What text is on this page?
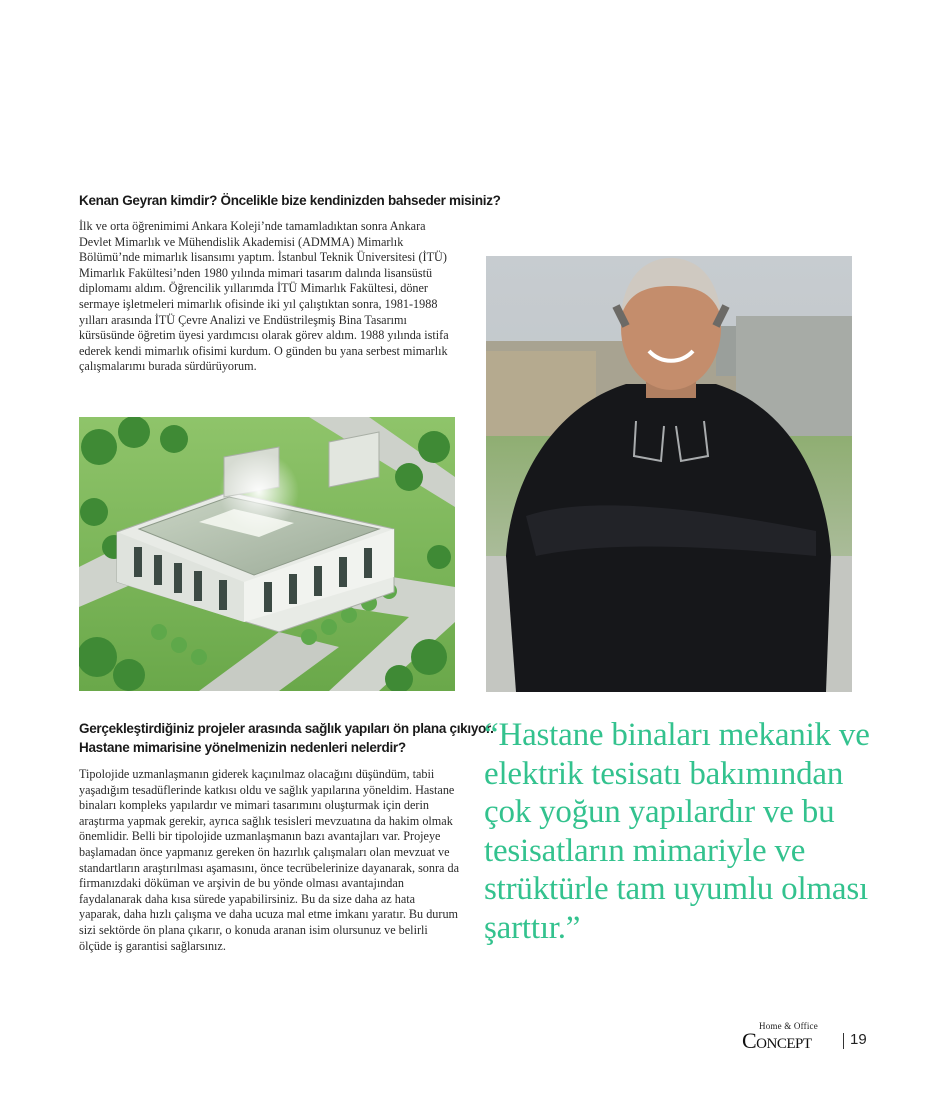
Kenan Geyran kimdir? Öncelikle bize kendinizden bahseder misiniz?

İlk ve orta öğrenimimi Ankara Koleji’nde tamamladıktan sonra Ankara Devlet Mimarlık ve Mühendislik Akademisi (ADMMA) Mimarlık Bölümü’nde mimarlık lisansımı yaptım. İstanbul Teknik Üniversitesi (İTÜ) Mimarlık Fakültesi’nden 1980 yılında mimari tasarım dalında lisansüstü diplomamı aldım. Öğrencilik yıllarımda İTÜ Mimarlık Fakültesi, döner sermaye işletmeleri mimarlık ofisinde iki yıl çalıştıktan sonra, 1981-1988 yılları arasında İTÜ Çevre Analizi ve Endüstrileşmiş Bina Tasarımı kürsüsünde öğretim üyesi yardımcısı olarak görev aldım. 1988 yılında istifa ederek kendi mimarlık ofisimi kurdum. O günden bu yana serbest mimarlık çalışmalarımı burada sürdürüyorum.

Gerçekleştirdiğiniz projeler arasında sağlık yapıları ön plana çıkıyor.
Hastane mimarisine yönelmenizin nedenleri nelerdir?

Tipolojide uzmanlaşmanın giderek kaçınılmaz olacağını düşündüm, tabii yaşadığım tesadüflerinde katkısı oldu ve sağlık yapılarına yöneldim. Hastane binaları kompleks yapılardır ve mimari tasarımını oluşturmak için derin araştırma yapmak gerekir, ayrıca sağlık tesisleri mevzuatına da hakim olmak önemlidir. Belli bir tipolojide uzmanlaşmanın bazı avantajları var. Projeye başlamadan önce yapmanız gereken ön hazırlık çalışmaları olan mevzuat ve standartların araştırılması aşamasını, önce tecrübelerinize dayanarak, sonra da firmanızdaki döküman ve arşivin de bu yönde olması avantajından faydalanarak daha kısa sürede yapabilirsiniz. Bu da size daha az hata yaparak, daha hızlı çalışma ve daha ucuza mal etme imkanı yaratır. Bu durum sizi sektörde ön plana çıkarır, o konuda aranan isim olursunuz ve belirli ölçüde iş garantisi sağlarsınız.

“Hastane binaları mekanik ve elektrik tesisatı bakımından çok yoğun yapılardır ve bu tesisatların mimariyle ve strüktürle tam uyumlu olması şarttır.”

Home & Office
Concept	19
